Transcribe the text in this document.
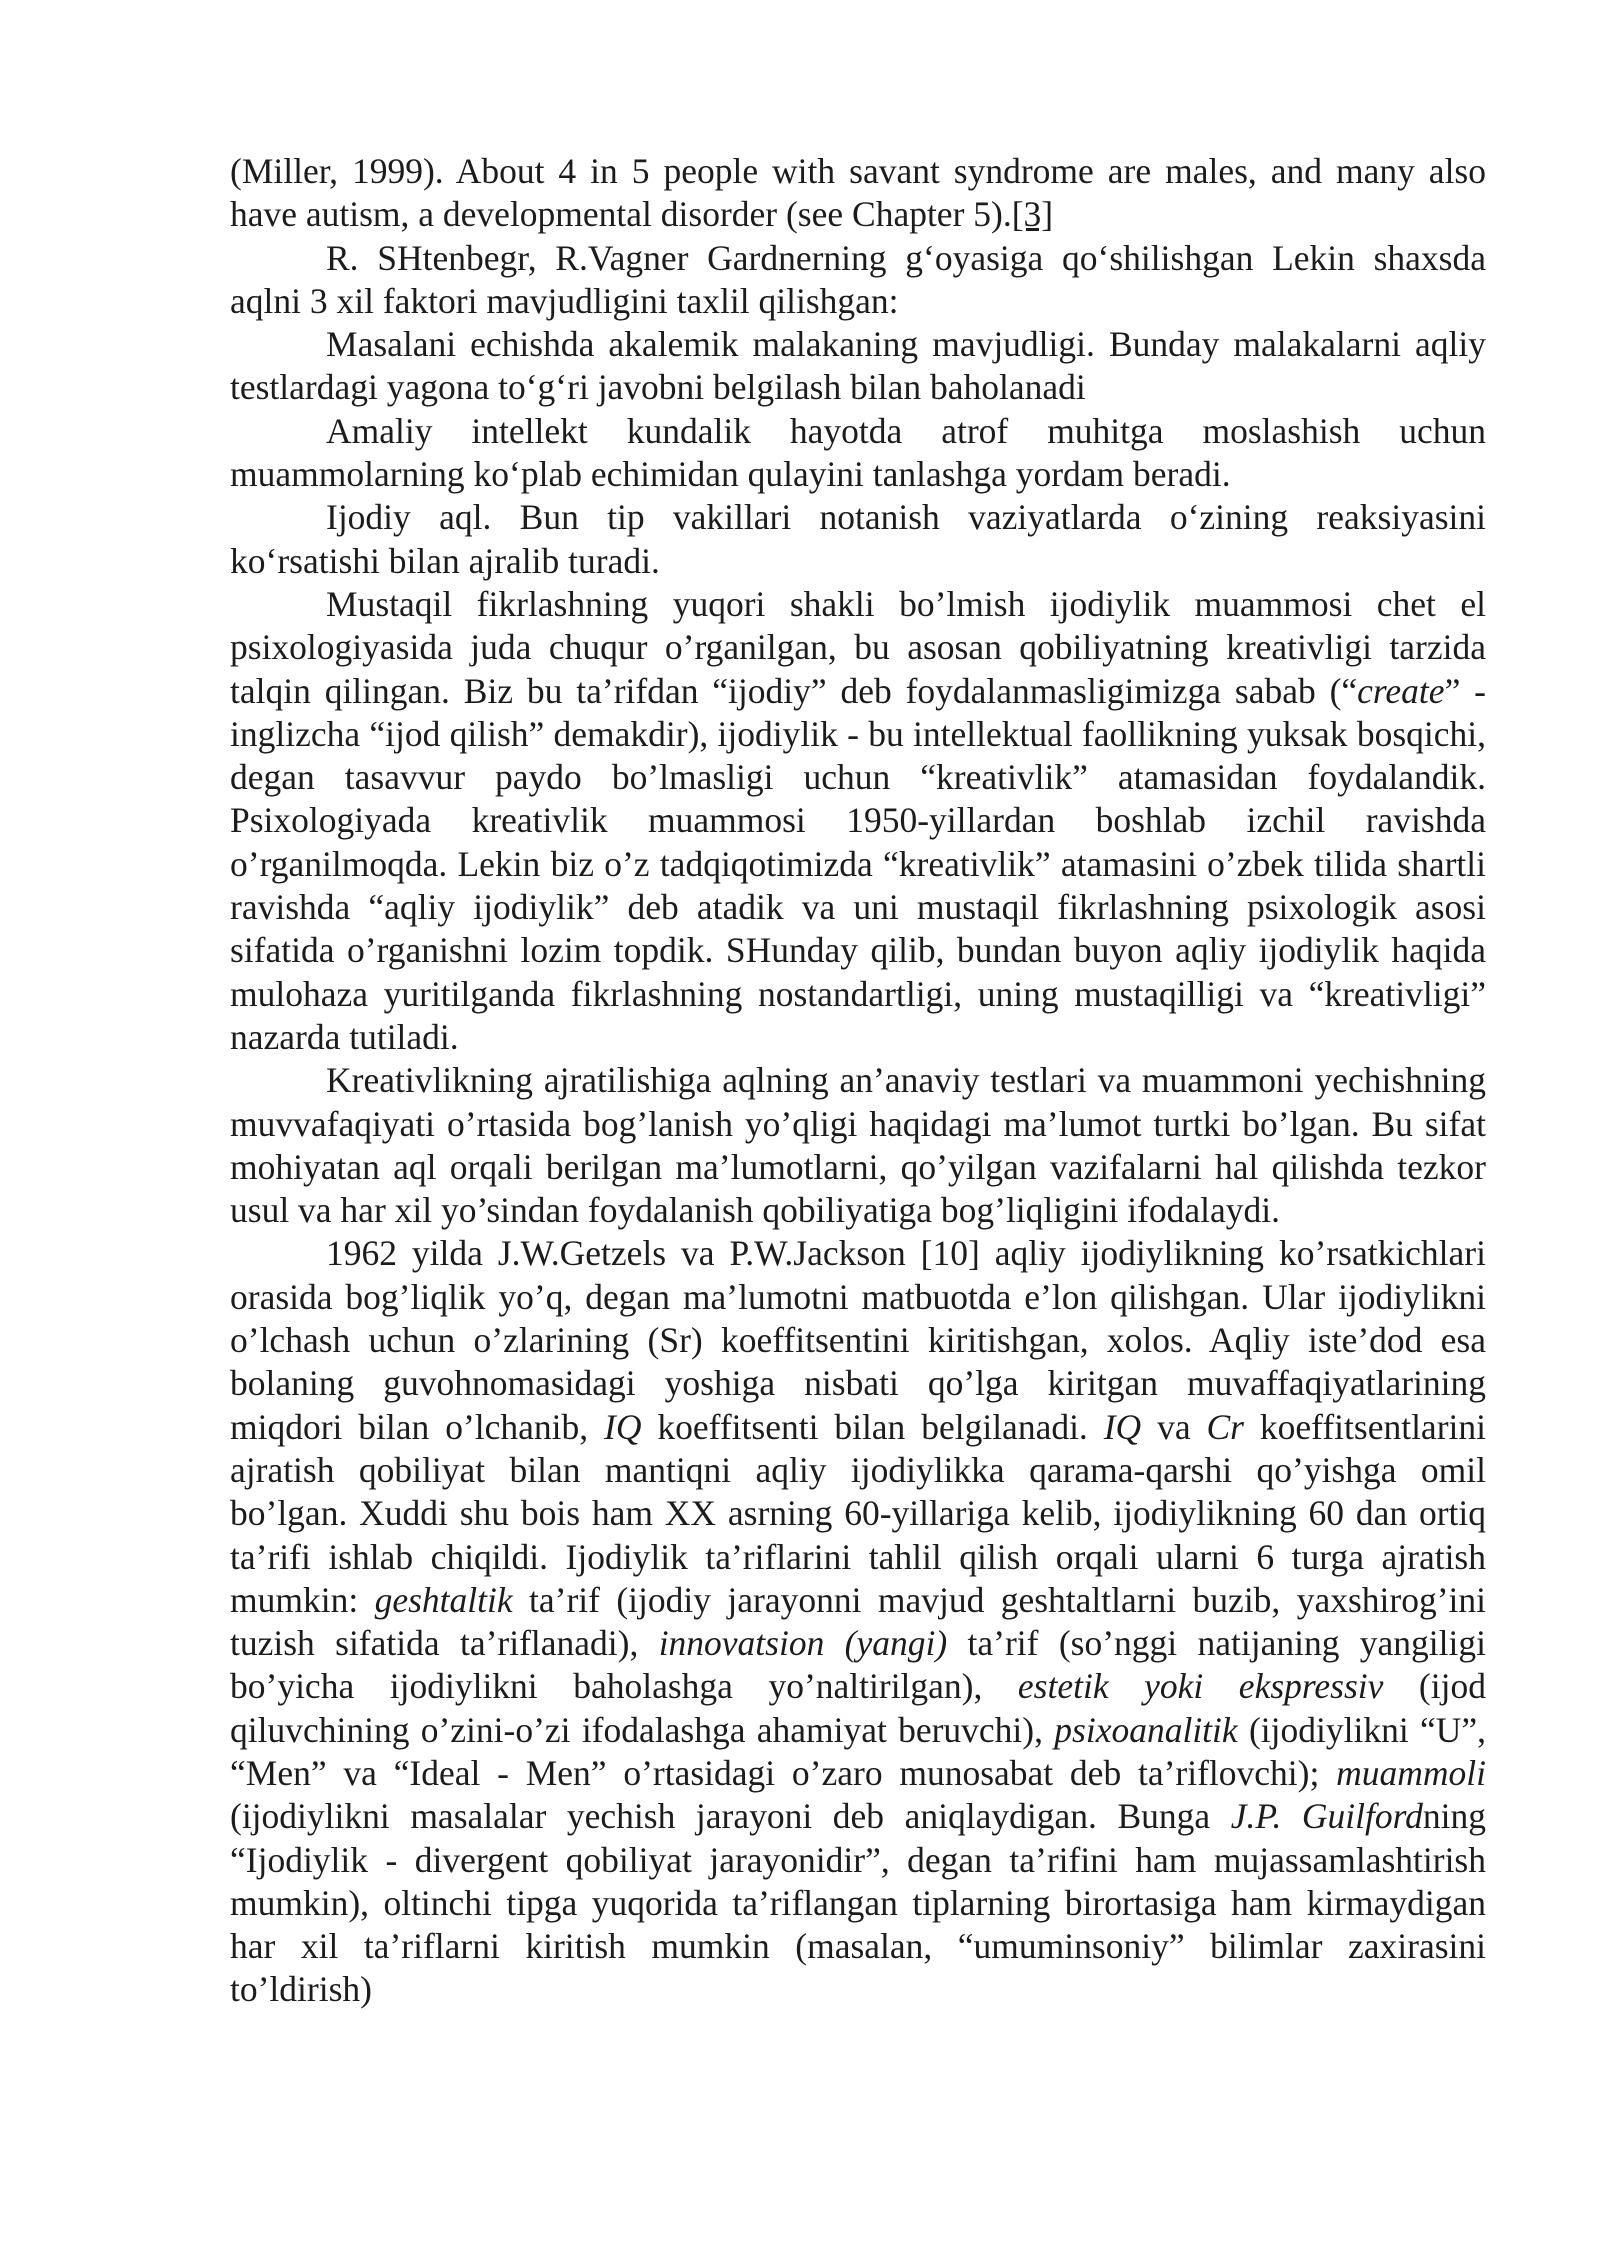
(Miller, 1999). About 4 in 5 people with savant syndrome are males, and many also have autism, a developmental disorder (see Chapter 5).[3]

R. SHtenbegr, R.Vagner Gardnerning g‘oyasiga qo‘shilishgan Lekin shaxsda aqlni 3 xil faktori mavjudligini taxlil qilishgan:

Masalani echishda akalemik malakaning mavjudligi. Bunday malakalarni aqliy testlardagi yagona to‘g‘ri javobni belgilash bilan baholanadi

Amaliy intellekt kundalik hayotda atrof muhitga moslashish uchun muammolarning ko‘plab echimidan qulayini tanlashga yordam beradi.

Ijodiy aql. Bun tip vakillari notanish vaziyatlarda o‘zining reaksiyasini ko‘rsatishi bilan ajralib turadi.

Mustaqil fikrlashning yuqori shakli bo’lmish ijodiylik muammosi chet el psixologiyasida juda chuqur o’rganilgan, bu asosan qobiliyatning kreativligi tarzida talqin qilingan. Biz bu ta’rifdan “ijodiy” deb foydalanmasligimizga sabab (“create” - inglizcha “ijod qilish” demakdir), ijodiylik - bu intellektual faollikning yuksak bosqichi, degan tasavvur paydo bo’lmasligi uchun “kreativlik” atamasidan foydalandik. Psixologiyada kreativlik muammosi 1950-yillardan boshlab izchil ravishda o’rganilmoqda. Lekin biz o’z tadqiqotimizda “kreativlik” atamasini o’zbek tilida shartli ravishda “aqliy ijodiylik” deb atadik va uni mustaqil fikrlashning psixologik asosi sifatida o’rganishni lozim topdik. SHunday qilib, bundan buyon aqliy ijodiylik haqida mulohaza yuritilganda fikrlashning nostandartligi, uning mustaqilligi va “kreativligi” nazarda tutiladi.

Kreativlikning ajratilishiga aqlning an’anaviy testlari va muammoni yechishning muvvafaqiyati o’rtasida bog’lanish yo’qligi haqidagi ma’lumot turtki bo’lgan. Bu sifat mohiyatan aql orqali berilgan ma’lumotlarni, qo’yilgan vazifalarni hal qilishda tezkor usul va har xil yo’sindan foydalanish qobiliyatiga bog’liqligini ifodalaydi.

1962 yilda J.W.Getzels va P.W.Jackson [10] aqliy ijodiylikning ko’rsatkichlari orasida bog’liqlik yo’q, degan ma’lumotni matbuotda e’lon qilishgan. Ular ijodiylikni o’lchash uchun o’zlarining (Sr) koeffitsentini kiritishgan, xolos. Aqliy iste’dod esa bolaning guvohnomasidagi yoshiga nisbati qo’lga kiritgan muvaffaqiyatlarining miqdori bilan o’lchanib, IQ koeffitsenti bilan belgilanadi. IQ va Cr koeffitsentlarini ajratish qobiliyat bilan mantiqni aqliy ijodiylikka qarama-qarshi qo’yishga omil bo’lgan. Xuddi shu bois ham XX asrning 60-yillariga kelib, ijodiylikning 60 dan ortiq ta’rifi ishlab chiqildi. Ijodiylik ta’riflarini tahlil qilish orqali ularni 6 turga ajratish mumkin: geshtaltik ta’rif (ijodiy jarayonni mavjud geshtaltlarni buzib, yaxshirog’ini tuzish sifatida ta’riflanadi), innovatsion (yangi) ta’rif (so’nggi natijaning yangiligi bo’yicha ijodiylikni baholashga yo’naltirilgan), estetik yoki ekspressiv (ijod qiluvchining o’zini-o’zi ifodalashga ahamiyat beruvchi), psixoanalitik (ijodiylikni “U”, “Men” va “Ideal - Men” o’rtasidagi o’zaro munosabat deb ta’riflovchi); muammoli (ijodiylikni masalalar yechish jarayoni deb aniqlaydigan. Bunga J.P. Guilfordning “Ijodiylik - divergent qobiliyat jarayonidir”, degan ta’rifini ham mujassamlashtirish mumkin), oltinchi tipga yuqorida ta’riflangan tiplarning birortasiga ham kirmaydigan har xil ta’riflarni kiritish mumkin (masalan, “umuminsoniy” bilimlar zaxirasini to’ldirish)
